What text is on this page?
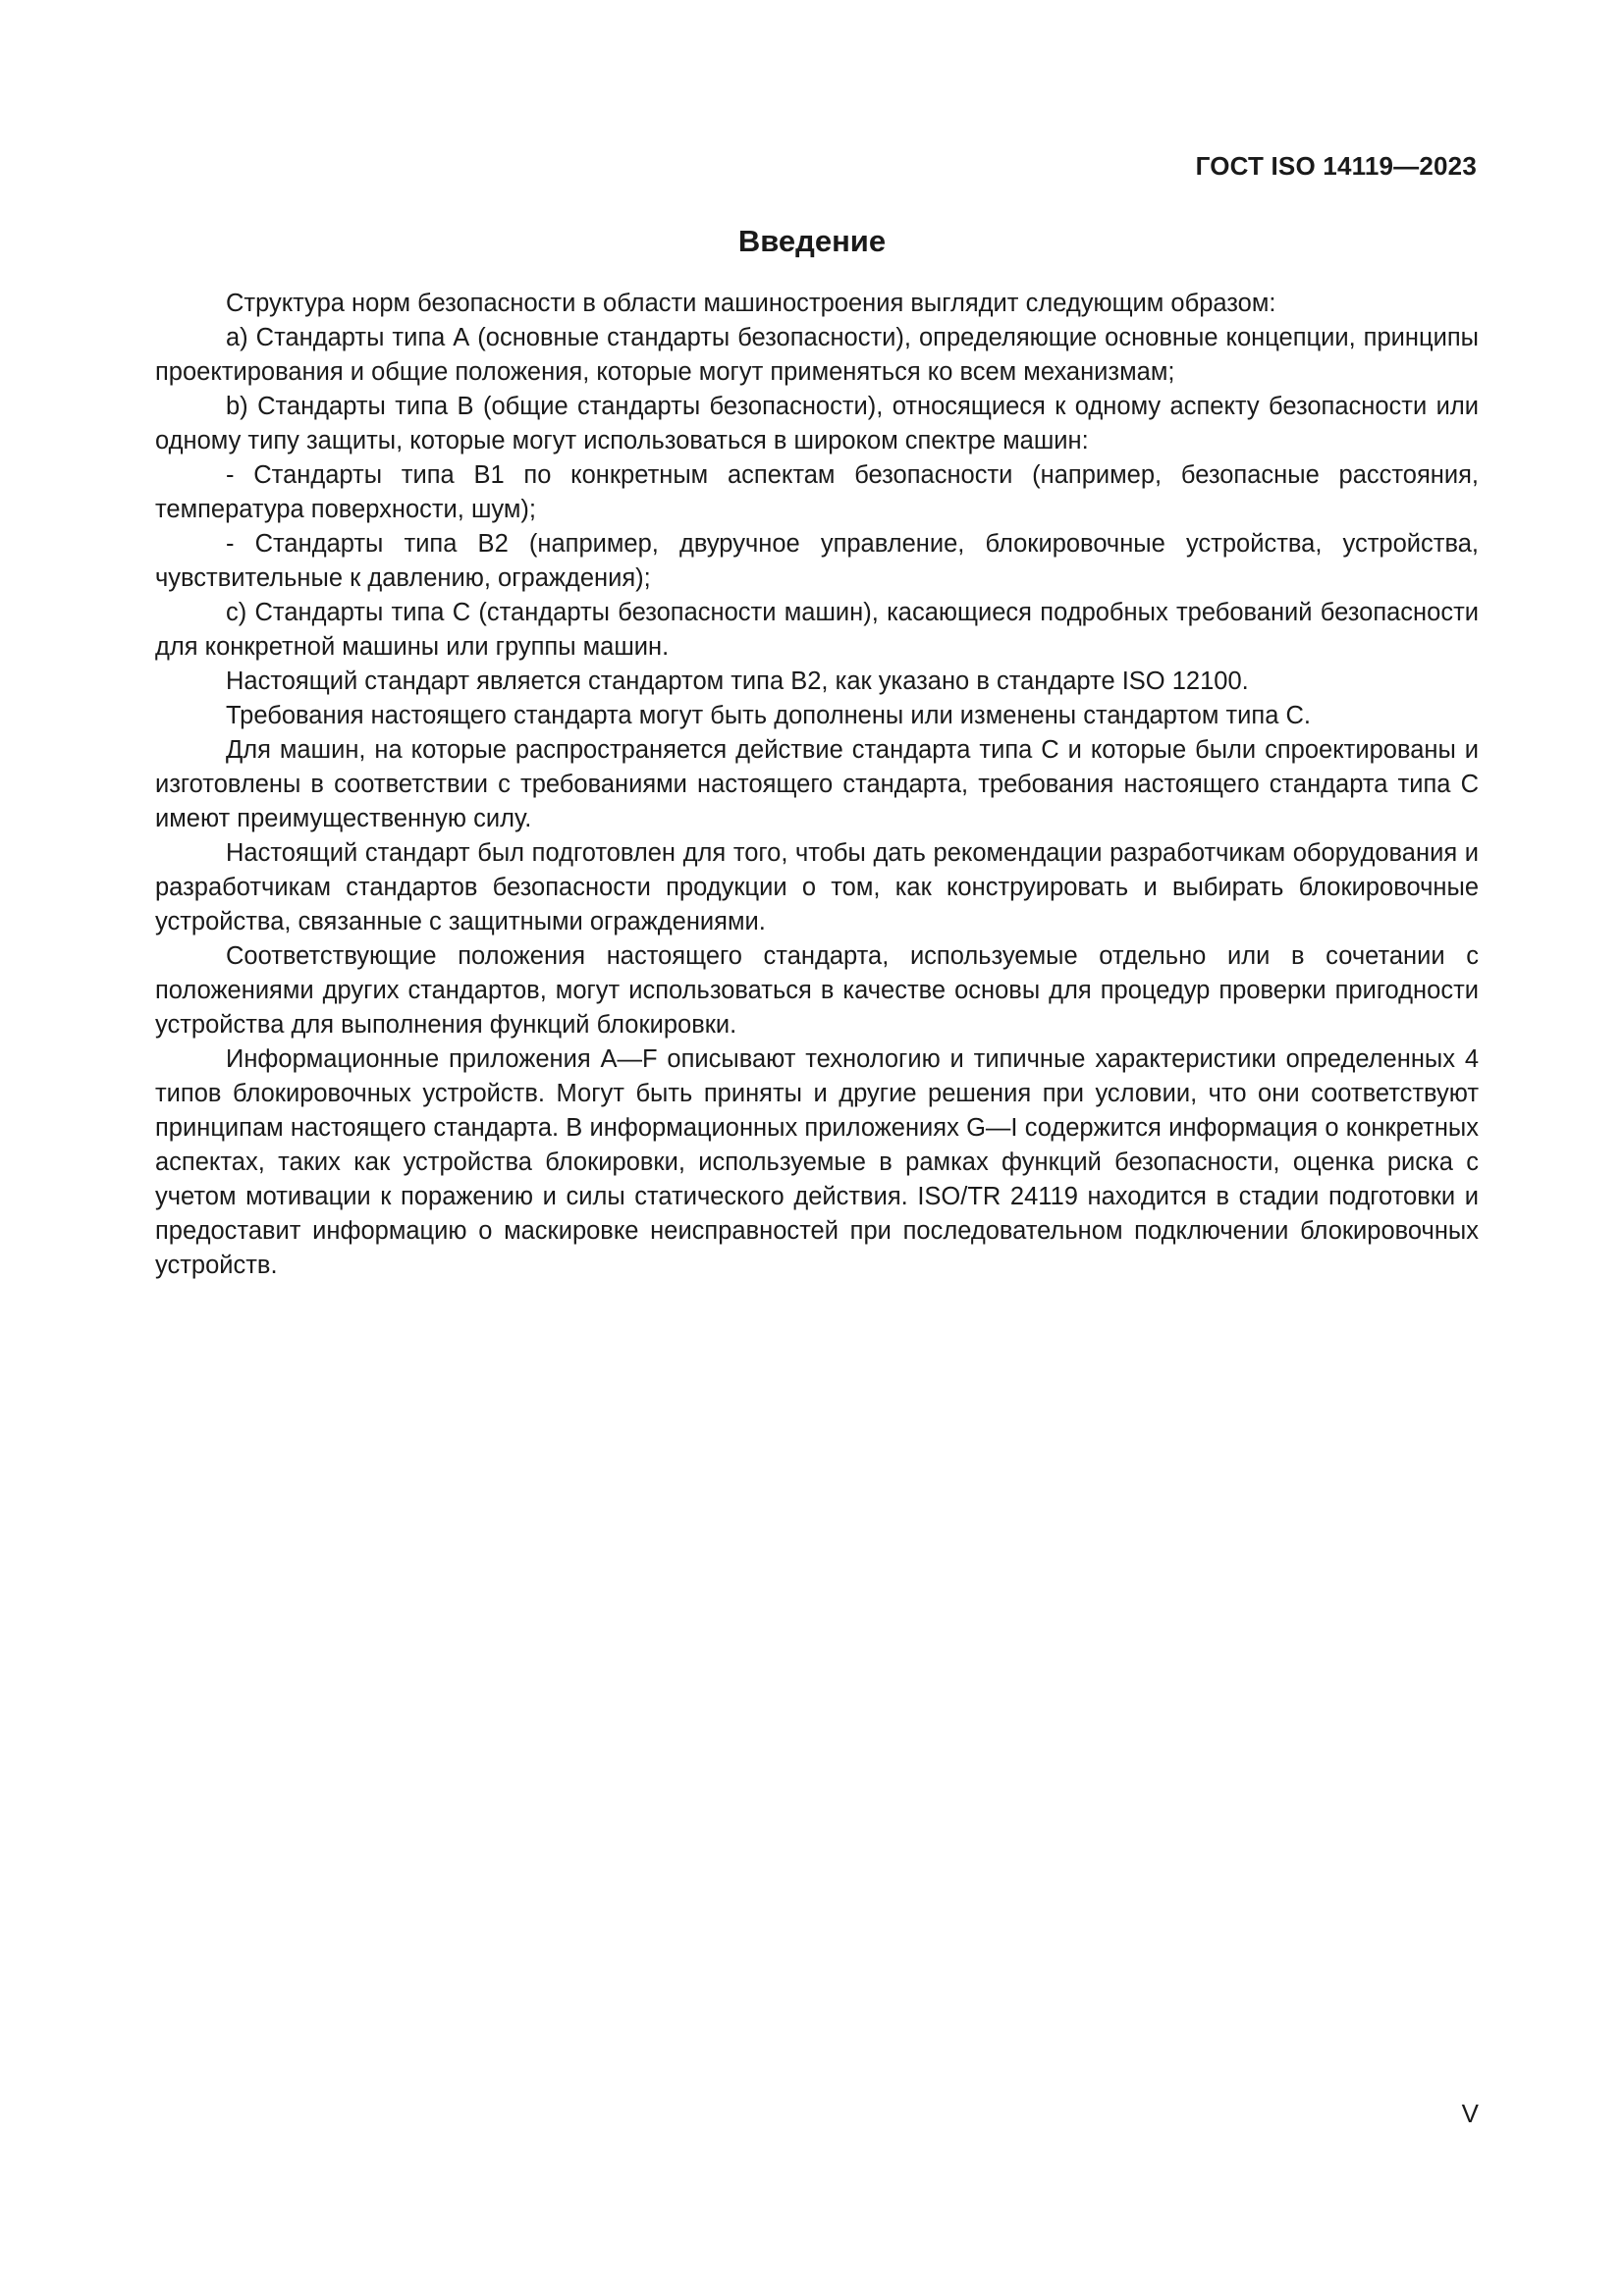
ГОСТ ISO 14119—2023
Введение

Структура норм безопасности в области машиностроения выглядит следующим образом:

а) Стандарты типа А (основные стандарты безопасности), определяющие основные концепции, принципы проектирования и общие положения, которые могут применяться ко всем механизмам;

b) Стандарты типа В (общие стандарты безопасности), относящиеся к одному аспекту безопасности или одному типу защиты, которые могут использоваться в широком спектре машин:

- Стандарты типа В1 по конкретным аспектам безопасности (например, безопасные расстояния, температура поверхности, шум);

- Стандарты типа В2 (например, двуручное управление, блокировочные устройства, устройства, чувствительные к давлению, ограждения);

с) Стандарты типа С (стандарты безопасности машин), касающиеся подробных требований безопасности для конкретной машины или группы машин.

Настоящий стандарт является стандартом типа В2, как указано в стандарте ISO 12100.

Требования настоящего стандарта могут быть дополнены или изменены стандартом типа С.

Для машин, на которые распространяется действие стандарта типа С и которые были спроектированы и изготовлены в соответствии с требованиями настоящего стандарта, требования настоящего стандарта типа С имеют преимущественную силу.

Настоящий стандарт был подготовлен для того, чтобы дать рекомендации разработчикам оборудования и разработчикам стандартов безопасности продукции о том, как конструировать и выбирать блокировочные устройства, связанные с защитными ограждениями.

Соответствующие положения настоящего стандарта, используемые отдельно или в сочетании с положениями других стандартов, могут использоваться в качестве основы для процедур проверки пригодности устройства для выполнения функций блокировки.

Информационные приложения А—F описывают технологию и типичные характеристики определенных 4 типов блокировочных устройств. Могут быть приняты и другие решения при условии, что они соответствуют принципам настоящего стандарта. В информационных приложениях G—I содержится информация о конкретных аспектах, таких как устройства блокировки, используемые в рамках функций безопасности, оценка риска с учетом мотивации к поражению и силы статического действия. ISO/TR 24119 находится в стадии подготовки и предоставит информацию о маскировке неисправностей при последовательном подключении блокировочных устройств.

V
